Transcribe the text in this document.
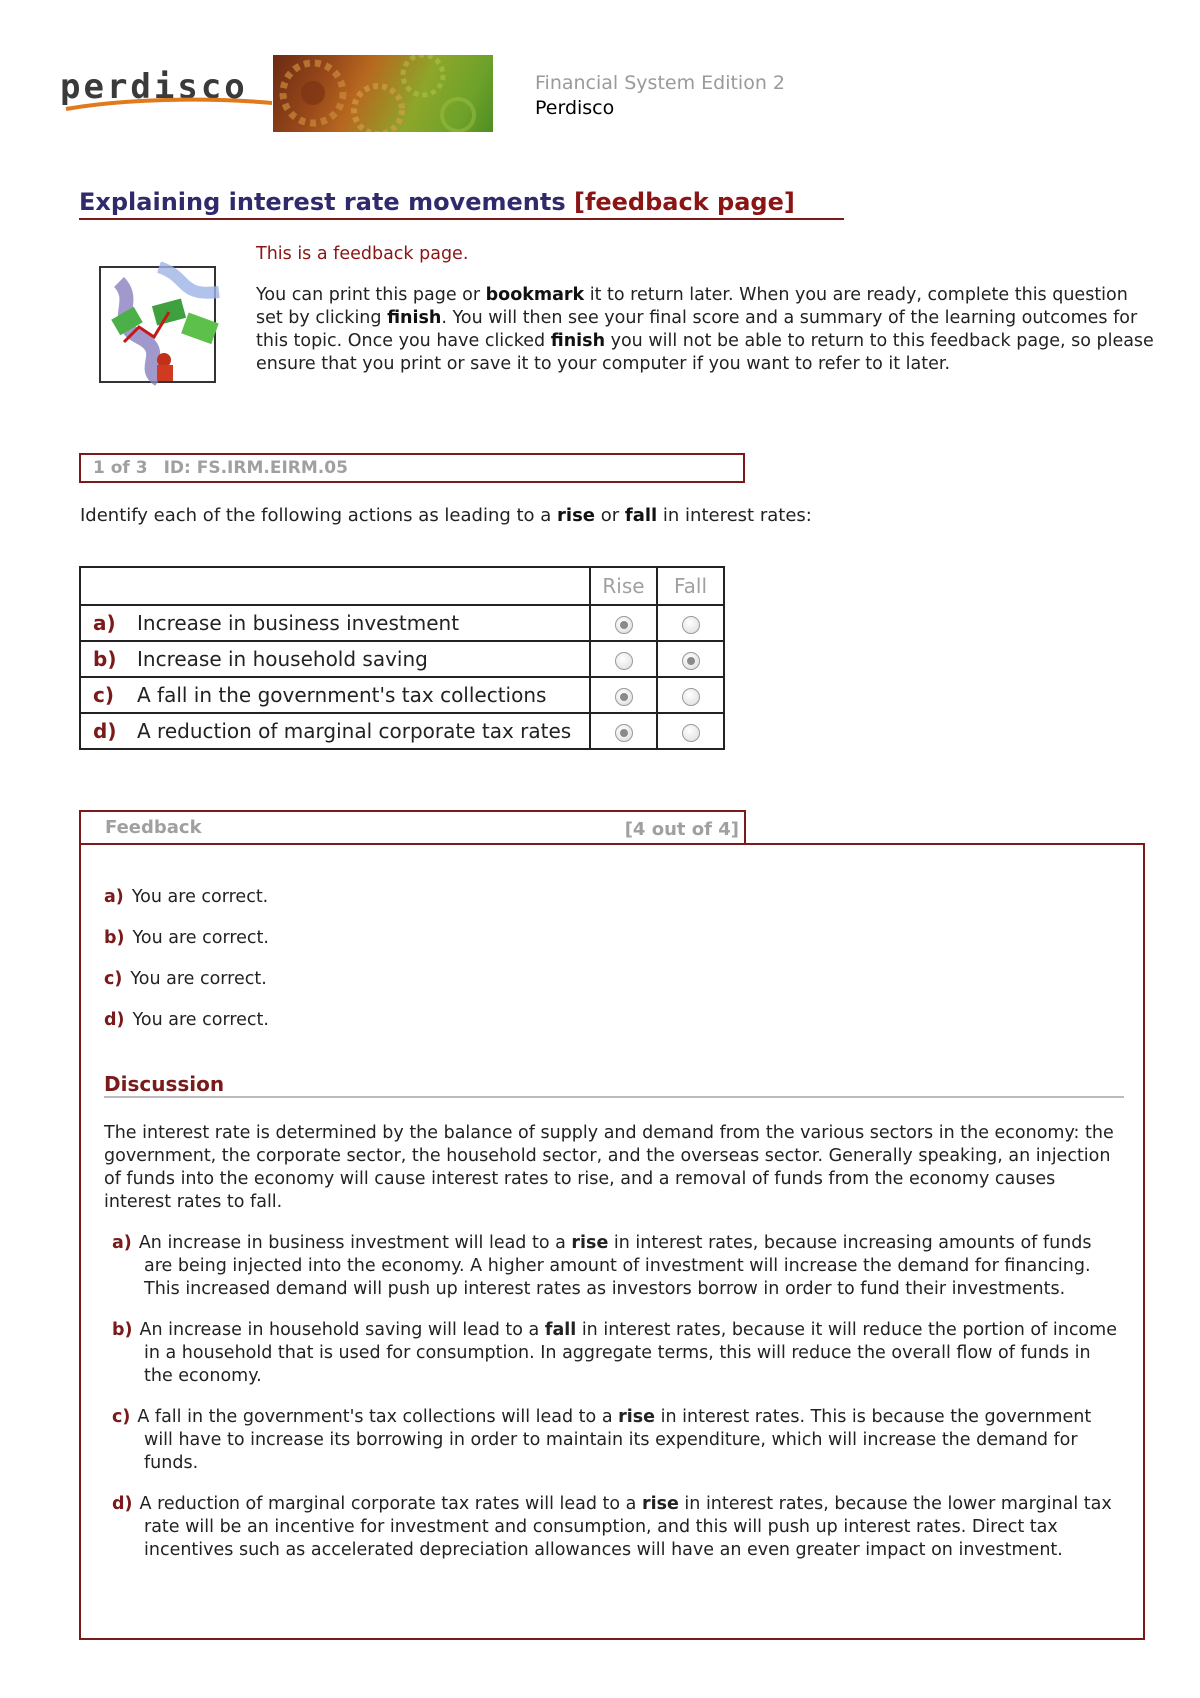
perdisco	Financial System Edition 2
Perdisco
Explaining interest rate movements [feedback page]

This is a feedback page.

You can print this page or bookmark it to return later. When you are ready, complete this question set by clicking finish. You will then see your final score and a summary of the learning outcomes for this topic. Once you have clicked finish you will not be able to return to this feedback page, so please ensure that you print or save it to your computer if you want to refer to it later.

1 of 3 ID: FS.IRM.EIRM.05
Identify each of the following actions as leading to a rise or fall in interest rates:
	Rise	Fall
a) Increase in business investment		
b) Increase in household saving		
c) A fall in the government's tax collections		
d) A reduction of marginal corporate tax rates		
Feedback	[4 out of 4]
a) You are correct.
b) You are correct.
c) You are correct.
d) You are correct.
Discussion

The interest rate is determined by the balance of supply and demand from the various sectors in the economy: the government, the corporate sector, the household sector, and the overseas sector. Generally speaking, an injection of funds into the economy will cause interest rates to rise, and a removal of funds from the economy causes interest rates to fall.

a) An increase in business investment will lead to a rise in interest rates, because increasing amounts of funds are being injected into the economy. A higher amount of investment will increase the demand for financing. This increased demand will push up interest rates as investors borrow in order to fund their investments.
b) An increase in household saving will lead to a fall in interest rates, because it will reduce the portion of income in a household that is used for consumption. In aggregate terms, this will reduce the overall flow of funds in the economy.
c) A fall in the government's tax collections will lead to a rise in interest rates. This is because the government will have to increase its borrowing in order to maintain its expenditure, which will increase the demand for funds.
d) A reduction of marginal corporate tax rates will lead to a rise in interest rates, because the lower marginal tax rate will be an incentive for investment and consumption, and this will push up interest rates. Direct tax incentives such as accelerated depreciation allowances will have an even greater impact on investment.
